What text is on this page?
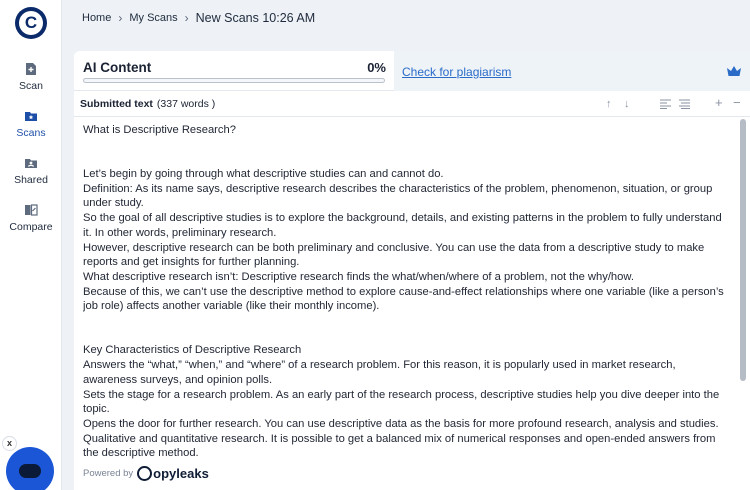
C
Scan
Scans
Shared
Compare
x
Home › My Scans › New Scans 10:26 AM
AI Content	0% Check for plagiarism
Submitted text (337 words )	↑ ↓	+ −

What is Descriptive Research?

Let’s begin by going through what descriptive studies can and cannot do.

Definition: As its name says, descriptive research describes the characteristics of the problem, phenomenon, situation, or group under study.

So the goal of all descriptive studies is to explore the background, details, and existing patterns in the problem to fully understand it. In other words, preliminary research.

However, descriptive research can be both preliminary and conclusive. You can use the data from a descriptive study to make reports and get insights for further planning.

What descriptive research isn’t: Descriptive research finds the what/when/where of a problem, not the why/how.

Because of this, we can’t use the descriptive method to explore cause-and-effect relationships where one variable (like a person’s job role) affects another variable (like their monthly income).

Key Characteristics of Descriptive Research

Answers the “what,” “when,” and “where” of a research problem. For this reason, it is popularly used in market research, awareness surveys, and opinion polls.

Sets the stage for a research problem. As an early part of the research process, descriptive studies help you dive deeper into the topic.

Opens the door for further research. You can use descriptive data as the basis for more profound research, analysis and studies.

Qualitative and quantitative research. It is possible to get a balanced mix of numerical responses and open-ended answers from the descriptive method.

Powered by opyleaks
